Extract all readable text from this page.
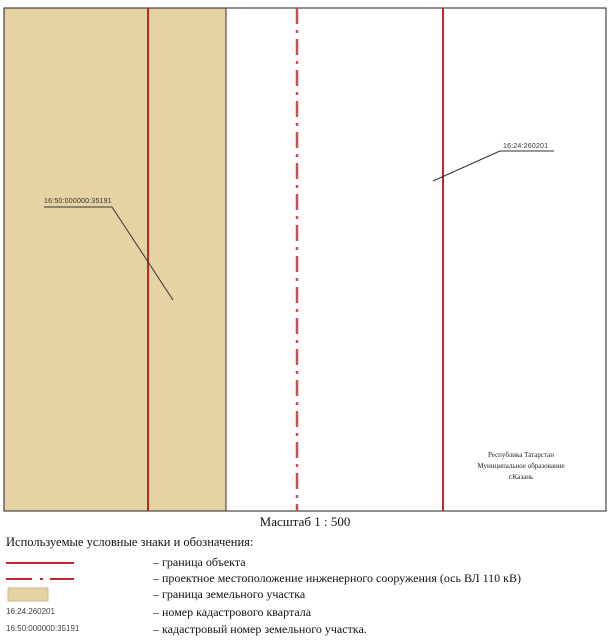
16:50:000000:35191
16:24:260201
Республика Татарстан
Муниципальное образование
г.Казань
Масштаб 1 : 500
Используемые условные знаки и обозначения:
– граница объекта
– проектное местоположение инженерного сооружения (ось ВЛ 110 кВ)
– граница земельного участка
16:24:260201	– номер кадастрового квартала
16:50:000000:35191	– кадастровый номер земельного участка.
